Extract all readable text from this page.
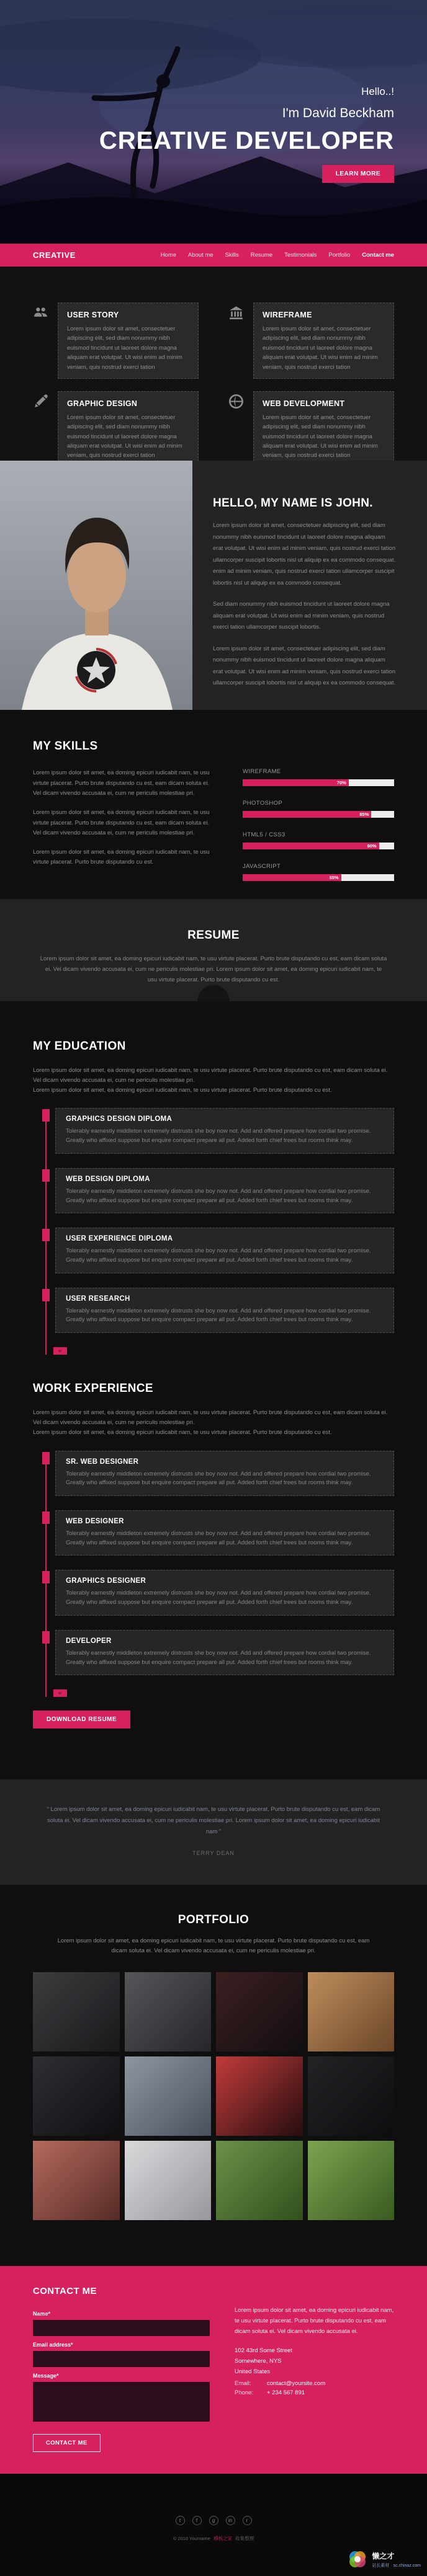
Hello..!
I'm David Beckham
CREATIVE DEVELOPER
LEARN MORE
CREATIVE	Home About me Skills Resume Testimonials Portfolio Contact me
USER STORY
Lorem ipsum dolor sit amet, consectetuer adipiscing elit, sed diam nonummy nibh euismod tincidunt ut laoreet dolore magna aliquam erat volutpat. Ut wisi enim ad minim veniam, quis nostrud exerci tation
WIREFRAME
Lorem ipsum dolor sit amet, consectetuer adipiscing elit, sed diam nonummy nibh euismod tincidunt ut laoreet dolore magna aliquam erat volutpat. Ut wisi enim ad minim veniam, quis nostrud exerci tation
GRAPHIC DESIGN
Lorem ipsum dolor sit amet, consectetuer adipiscing elit, sed diam nonummy nibh euismod tincidunt ut laoreet dolore magna aliquam erat volutpat. Ut wisi enim ad minim veniam, quis nostrud exerci tation
WEB DEVELOPMENT
Lorem ipsum dolor sit amet, consectetuer adipiscing elit, sed diam nonummy nibh euismod tincidunt ut laoreet dolore magna aliquam erat volutpat. Ut wisi enim ad minim veniam, quis nostrud exerci tation
HELLO, MY NAME IS JOHN.

Lorem ipsum dolor sit amet, consectetuer adipiscing elit, sed diam nonummy nibh euismod tincidunt ut laoreet dolore magna aliquam erat volutpat. Ut wisi enim ad minim veniam, quis nostrud exerci tation ullamcorper suscipit lobortis nisl ut aliquip ex ea commodo consequat. enim ad minim veniam, quis nostrud exerci tation ullamcorper suscipit lobortis nisl ut aliquip ex ea commodo consequat.

Sed diam nonummy nibh euismod tincidunt ut laoreet dolore magna aliquam erat volutpat. Ut wisi enim ad minim veniam, quis nostrud exerci tation ullamcorper suscipit lobortis.

Lorem ipsum dolor sit amet, consectetuer adipiscing elit, sed diam nonummy nibh euismod tincidunt ut laoreet dolore magna aliquam erat volutpat. Ut wisi enim ad minim veniam, quis nostrud exerci tation ullamcorper suscipit lobortis nisl ut aliquip ex ea commodo consequat.

MY SKILLS

Lorem ipsum dolor sit amet, ea doming epicuri iudicabit nam, te usu virtute placerat. Purto brute disputando cu est, eam dicam soluta ei. Vel dicam vivendo accusata ei, cum ne periculis molestiae pri.

Lorem ipsum dolor sit amet, ea doming epicuri iudicabit nam, te usu virtute placerat. Purto brute disputando cu est, eam dicam soluta ei. Vel dicam vivendo accusata ei, cum ne periculis molestiae pri.

Lorem ipsum dolor sit amet, ea doming epicuri iudicabit nam, te usu virtute placerat. Purto brute disputando cu est.

WIREFRAME
70%
PHOTOSHOP
85%
HTML5 / CSS3
90%
JAVASCRIPT
65%
RESUME

Lorem ipsum dolor sit amet, ea doming epicuri iudicabit nam, te usu virtute placerat. Purto brute disputando cu est, eam dicam soluta ei. Vel dicam vivendo accusata ei, cum ne periculis molestiae pri. Lorem ipsum dolor sit amet, ea doming epicuri iudicabit nam, te usu virtute placerat. Purto brute disputando cu est.

MY EDUCATION

Lorem ipsum dolor sit amet, ea doming epicuri iudicabit nam, te usu virtute placerat. Purto brute disputando cu est, eam dicam soluta ei. Vel dicam vivendo accusata ei, cum ne periculis molestiae pri.

Lorem ipsum dolor sit amet, ea doming epicuri iudicabit nam, te usu virtute placerat. Purto brute disputando cu est.

GRAPHICS DESIGN DIPLOMA
Tolerably earnestly middleton extremely distrusts she boy now not. Add and offered prepare how cordial two promise. Greatly who affixed suppose but enquire compact prepare all put. Added forth chief trees but rooms think may.
WEB DESIGN DIPLOMA
Tolerably earnestly middleton extremely distrusts she boy now not. Add and offered prepare how cordial two promise. Greatly who affixed suppose but enquire compact prepare all put. Added forth chief trees but rooms think may.
USER EXPERIENCE DIPLOMA
Tolerably earnestly middleton extremely distrusts she boy now not. Add and offered prepare how cordial two promise. Greatly who affixed suppose but enquire compact prepare all put. Added forth chief trees but rooms think may.
USER RESEARCH
Tolerably earnestly middleton extremely distrusts she boy now not. Add and offered prepare how cordial two promise. Greatly who affixed suppose but enquire compact prepare all put. Added forth chief trees but rooms think may.
WORK EXPERIENCE

Lorem ipsum dolor sit amet, ea doming epicuri iudicabit nam, te usu virtute placerat. Purto brute disputando cu est, eam dicam soluta ei. Vel dicam vivendo accusata ei, cum ne periculis molestiae pri.

Lorem ipsum dolor sit amet, ea doming epicuri iudicabit nam, te usu virtute placerat. Purto brute disputando cu est.

SR. WEB DESIGNER
Tolerably earnestly middleton extremely distrusts she boy now not. Add and offered prepare how cordial two promise. Greatly who affixed suppose but enquire compact prepare all put. Added forth chief trees but rooms think may.
WEB DESIGNER
Tolerably earnestly middleton extremely distrusts she boy now not. Add and offered prepare how cordial two promise. Greatly who affixed suppose but enquire compact prepare all put. Added forth chief trees but rooms think may.
GRAPHICS DESIGNER
Tolerably earnestly middleton extremely distrusts she boy now not. Add and offered prepare how cordial two promise. Greatly who affixed suppose but enquire compact prepare all put. Added forth chief trees but rooms think may.
DEVELOPER
Tolerably earnestly middleton extremely distrusts she boy now not. Add and offered prepare how cordial two promise. Greatly who affixed suppose but enquire compact prepare all put. Added forth chief trees but rooms think may.
DOWNLOAD RESUME

“ Lorem ipsum dolor sit amet, ea doming epicuri iudicabit nam, te usu virtute placerat. Purto brute disputando cu est, eam dicam soluta ei. Vel dicam vivendo accusata ei, cum ne periculis molestiae pri. Lorem ipsum dolor sit amet, ea doming epicuri iudicabit nam ”

TERRY DEAN
PORTFOLIO

Lorem ipsum dolor sit amet, ea doming epicuri iudicabit nam, te usu virtute placerat. Purto brute disputando cu est, eam dicam soluta ei. Vel dicam vivendo accusata ei, cum ne periculis molestiae pri.

CONTACT ME
Name*
Email address*
Message*
CONTACT ME

Lorem ipsum dolor sit amet, ea doming epicuri iudicabit nam, te usu virtute placerat. Purto brute disputando cu est, eam dicam soluta ei. Vel dicam vivendo accusata ei.

102 43rd Some Street
Somewhere, NYS
United States
Email:	contact@yoursite.com
Phone:	+ 234 567 891
t	f	g	in	r
© 2018 Yourname 模板之家 收集整理
懒之才
站长素材 · sc.chinaz.com
